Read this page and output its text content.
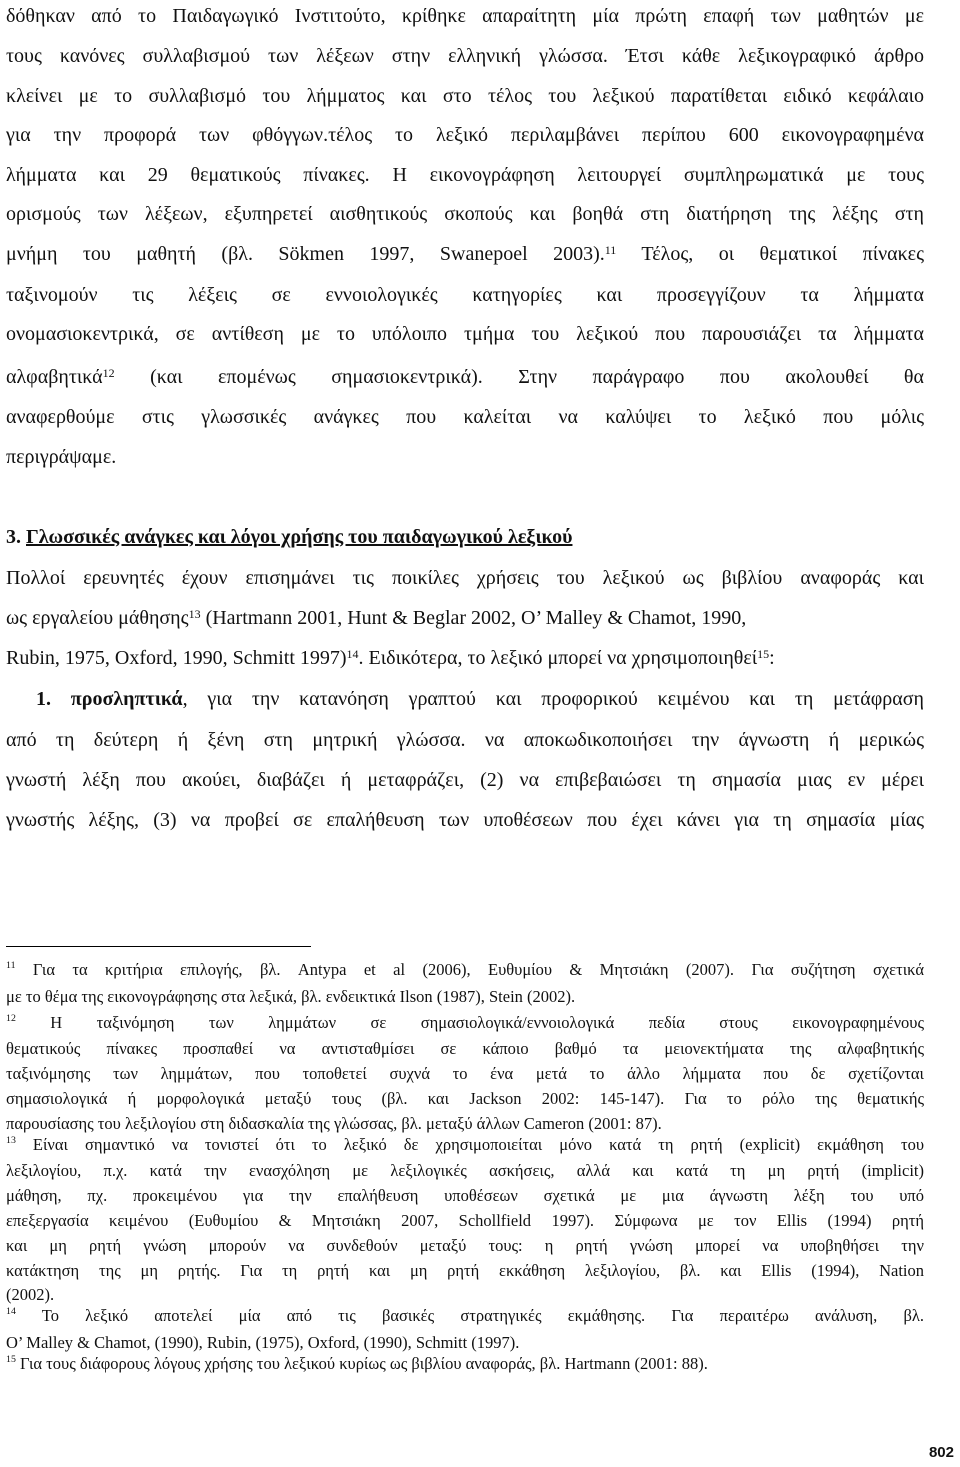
δόθηκαν από το Παιδαγωγικό Ινστιτούτο, κρίθηκε απαραίτητη μία πρώτη επαφή των μαθητών με
τους κανόνες συλλαβισμού των λέξεων στην ελληνική γλώσσα. Έτσι κάθε λεξικογραφικό άρθρο
κλείνει με το συλλαβισμό του λήμματος και στο τέλος του λεξικού παρατίθεται ειδικό κεφάλαιο
για την προφορά των φθόγγων.τέλος το λεξικό περιλαμβάνει περίπου 600 εικονογραφημένα
λήμματα και 29 θεματικούς πίνακες. Η εικονογράφηση λειτουργεί συμπληρωματικά με τους
ορισμούς των λέξεων, εξυπηρετεί αισθητικούς σκοπούς και βοηθά στη διατήρηση της λέξης στη
μνήμη του μαθητή (βλ. Sökmen 1997, Swanepoel 2003).$^{11}$ Τέλος, οι θεματικοί πίνακες
ταξινομούν τις λέξεις σε εννοιολογικές κατηγορίες και προσεγγίζουν τα λήμματα
ονομασιοκεντρικά, σε αντίθεση με το υπόλοιπο τμήμα του λεξικού που παρουσιάζει τα λήμματα
αλφαβητικά$^{12}$ (και επομένως σημασιοκεντρικά). Στην παράγραφο που ακολουθεί θα
αναφερθούμε στις γλωσσικές ανάγκες που καλείται να καλύψει το λεξικό που μόλις
περιγράψαμε.
3. Γλωσσικές ανάγκες και λόγοι χρήσης του παιδαγωγικού λεξικού
Πολλοί ερευνητές έχουν επισημάνει τις ποικίλες χρήσεις του λεξικού ως βιβλίου αναφοράς και
ως εργαλείου μάθησης$^{13}$ (Hartmann 2001, Hunt & Beglar 2002, Ο’ Malley & Chamot, 1990,
Rubin, 1975, Oxford, 1990, Schmitt 1997)$^{14}$. Ειδικότερα, το λεξικό μπορεί να χρησιμοποιηθεί$^{15}$:
1. προσληπτικά, για την κατανόηση γραπτού και προφορικού κειμένου και τη μετάφραση
από τη δεύτερη ή ξένη στη μητρική γλώσσα. να αποκωδικοποιήσει την άγνωστη ή μερικώς
γνωστή λέξη που ακούει, διαβάζει ή μεταφράζει, (2) να επιβεβαιώσει τη σημασία μιας εν μέρει
γνωστής λέξης, (3) να προβεί σε επαλήθευση των υποθέσεων που έχει κάνει για τη σημασία μίας
$^{11}$ Για τα κριτήρια επιλογής, βλ. Antypa et al (2006), Ευθυμίου & Μητσιάκη (2007). Για συζήτηση σχετικά
με το θέμα της εικονογράφησης στα λεξικά, βλ. ενδεικτικά Ilson (1987), Stein (2002).
$^{12}$ Η ταξινόμηση των λημμάτων σε σημασιολογικά/εννοιολογικά πεδία στους εικονογραφημένους
θεματικούς πίνακες προσπαθεί να αντισταθμίσει σε κάποιο βαθμό τα μειονεκτήματα της αλφαβητικής
ταξινόμησης των λημμάτων, που τοποθετεί συχνά το ένα μετά το άλλο λήμματα που δε σχετίζονται
σημασιολογικά ή μορφολογικά μεταξύ τους (βλ. και Jackson 2002: 145-147). Για το ρόλο της θεματικής
παρουσίασης του λεξιλογίου στη διδασκαλία της γλώσσας, βλ. μεταξύ άλλων Cameron (2001: 87).
$^{13}$ Είναι σημαντικό να τονιστεί ότι το λεξικό δε χρησιμοποιείται μόνο κατά τη ρητή (explicit) εκμάθηση του
λεξιλογίου, π.χ. κατά την ενασχόληση με λεξιλογικές ασκήσεις, αλλά και κατά τη μη ρητή (implicit)
μάθηση, πχ. προκειμένου για την επαλήθευση υποθέσεων σχετικά με μια άγνωστη λέξη του υπό
επεξεργασία κειμένου (Ευθυμίου & Μητσιάκη 2007, Schollfield 1997). Σύμφωνα με τον Ellis (1994) ρητή
και μη ρητή γνώση μπορούν να συνδεθούν μεταξύ τους: η ρητή γνώση μπορεί να υποβηθήσει την
κατάκτηση της μη ρητής. Για τη ρητή και μη ρητή εκκάθηση λεξιλογίου, βλ. και Ellis (1994), Nation
(2002).
$^{14}$ Το λεξικό αποτελεί μία από τις βασικές στρατηγικές εκμάθησης. Για περαιτέρω ανάλυση, βλ.
Ο’ Malley & Chamot, (1990), Rubin, (1975), Oxford, (1990), Schmitt (1997).
$^{15}$ Για τους διάφορους λόγους χρήσης του λεξικού κυρίως ως βιβλίου αναφοράς, βλ. Hartmann (2001: 88).
802
